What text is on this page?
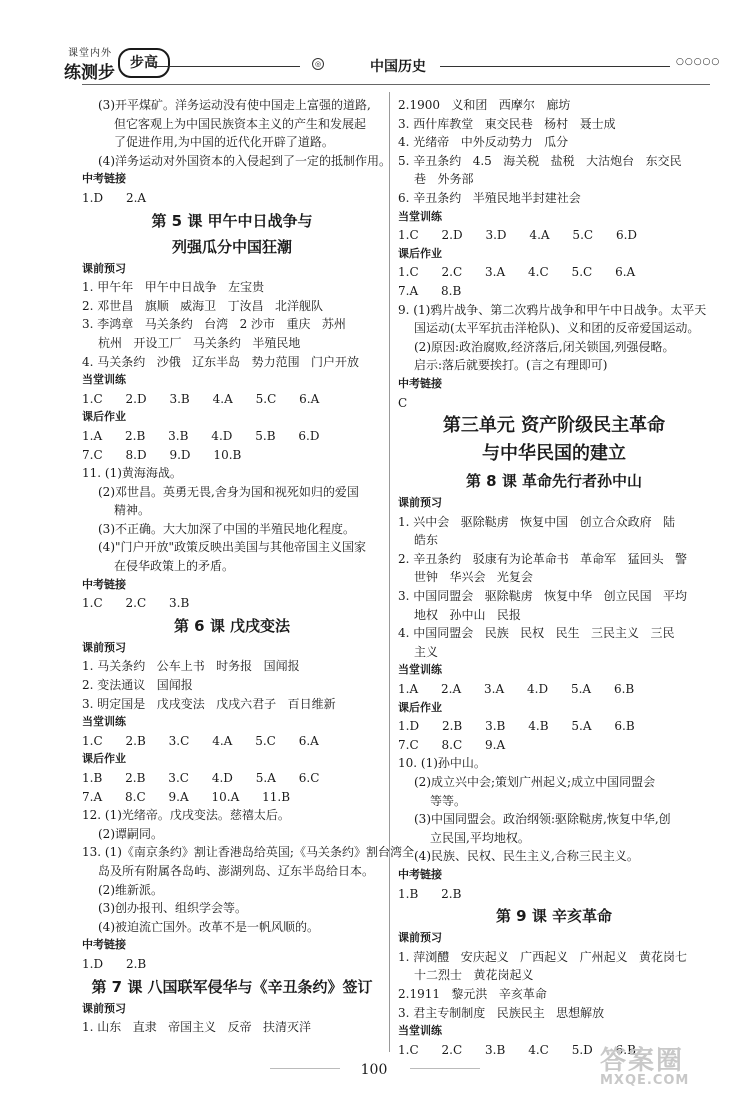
课堂内外
练测步	步高	◎	中国历史	○○○○○
(3)开平煤矿。洋务运动没有使中国走上富强的道路,
但它客观上为中国民族资本主义的产生和发展起
了促进作用,为中国的近代化开辟了道路。
(4)洋务运动对外国资本的入侵起到了一定的抵制作用。
中考链接
1.D      2.A
第 5 课 甲午中日战争与
列强瓜分中国狂潮
课前预习
1. 甲午年   甲午中日战争   左宝贵
2. 邓世昌   旗顺   威海卫   丁汝昌   北洋舰队
3. 李鸿章   马关条约   台湾   2 沙市   重庆   苏州
杭州   开设工厂   马关条约   半殖民地
4. 马关条约   沙俄   辽东半岛   势力范围   门户开放
当堂训练
1.C      2.D      3.B      4.A      5.C      6.A
课后作业
1.A      2.B      3.B      4.D      5.B      6.D
7.C      8.D      9.D      10.B
11. (1)黄海海战。
(2)邓世昌。英勇无畏,舍身为国和视死如归的爱国
精神。
(3)不正确。大大加深了中国的半殖民地化程度。
(4)"门户开放"政策反映出美国与其他帝国主义国家
在侵华政策上的矛盾。
中考链接
1.C      2.C      3.B
第 6 课 戊戌变法
课前预习
1. 马关条约   公车上书   时务报   国闻报
2. 变法通议   国闻报
3. 明定国是   戊戌变法   戊戌六君子   百日维新
当堂训练
1.C      2.B      3.C      4.A      5.C      6.A
课后作业
1.B      2.B      3.C      4.D      5.A      6.C
7.A      8.C      9.A      10.A      11.B
12. (1)光绪帝。戊戌变法。慈禧太后。
(2)谭嗣同。
13. (1)《南京条约》割让香港岛给英国;《马关条约》割台湾全
岛及所有附属各岛屿、澎湖列岛、辽东半岛给日本。
(2)维新派。
(3)创办报刊、组织学会等。
(4)被迫流亡国外。改革不是一帆风顺的。
中考链接
1.D      2.B
第 7 课 八国联军侵华与《辛丑条约》签订
课前预习
1. 山东   直隶   帝国主义   反帝   扶清灭洋
2.1900   义和团   西摩尔   廊坊
3. 西什库教堂   東交民巷   杨村   聂士成
4. 光绪帝   中外反动势力   瓜分
5. 辛丑条约   4.5   海关税   盐税   大沽炮台   东交民
巷   外务部
6. 辛丑条约   半殖民地半封建社会
当堂训练
1.C      2.D      3.D      4.A      5.C      6.D
课后作业
1.C      2.C      3.A      4.C      5.C      6.A
7.A      8.B
9. (1)鸦片战争、第二次鸦片战争和甲午中日战争。太平天
国运动(太平军抗击洋枪队)、义和团的反帝爱国运动。
(2)原因:政治腐败,经济落后,闭关锁国,列强侵略。
启示:落后就要挨打。(言之有理即可)
中考链接
C
第三单元 资产阶级民主革命
与中华民国的建立
第 8 课 革命先行者孙中山
课前预习
1. 兴中会   驱除鞑虏   恢复中国   创立合众政府   陆
皓东
2. 辛丑条约   驳康有为论革命书   革命军   猛回头   警
世钟   华兴会   光复会
3. 中国同盟会   驱除鞑虏   恢复中华   创立民国   平均
地权   孙中山   民报
4. 中国同盟会   民族   民权   民生   三民主义   三民
主义
当堂训练
1.A      2.A      3.A      4.D      5.A      6.B
课后作业
1.D      2.B      3.B      4.B      5.A      6.B
7.C      8.C      9.A
10. (1)孙中山。
(2)成立兴中会;策划广州起义;成立中国同盟会
等等。
(3)中国同盟会。政治纲领:驱除鞑虏,恢复中华,创
立民国,平均地权。
(4)民族、民权、民生主义,合称三民主义。
中考链接
1.B      2.B
第 9 课 辛亥革命
课前预习
1. 萍浏醴   安庆起义   广西起义   广州起义   黄花岗七
十二烈士   黄花岗起义
2.1911   黎元洪   辛亥革命
3. 君主专制制度   民族民主   思想解放
当堂训练
1.C      2.C      3.B      4.C      5.D      6.B
100	答案圈
MXQE.COM
